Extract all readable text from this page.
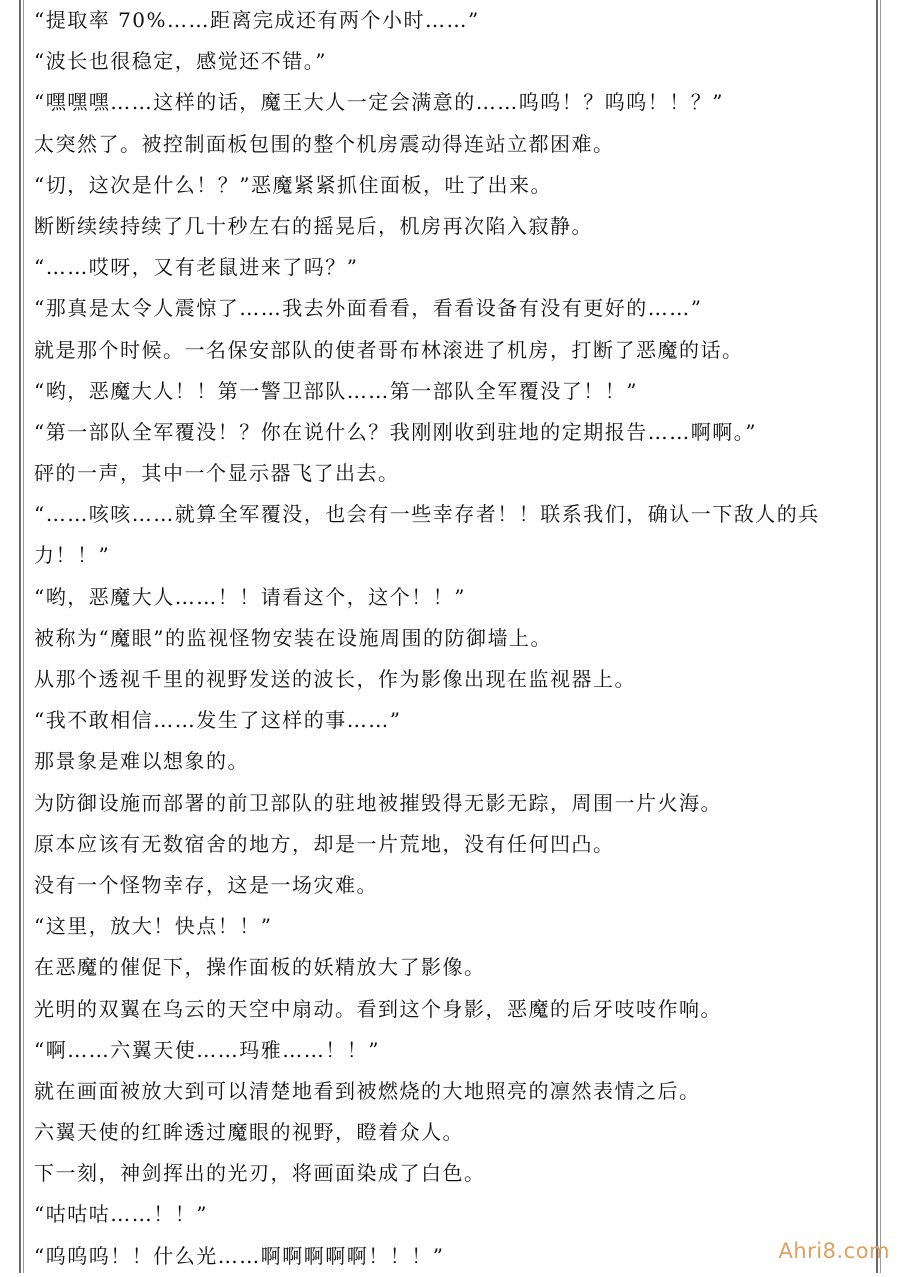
“提取率 70%……距离完成还有两个小时……”
“波长也很稳定，感觉还不错。”
“嘿嘿嘿……这样的话，魔王大人一定会满意的……呜呜！？呜呜！！？”
太突然了。被控制面板包围的整个机房震动得连站立都困难。
“切，这次是什么！？”恶魔紧紧抓住面板，吐了出来。
断断续续持续了几十秒左右的摇晃后，机房再次陷入寂静。
“……哎呀，又有老鼠进来了吗？”
“那真是太令人震惊了……我去外面看看，看看设备有没有更好的……”
就是那个时候。一名保安部队的使者哥布林滚进了机房，打断了恶魔的话。
“哟，恶魔大人！！第一警卫部队……第一部队全军覆没了！！”
“第一部队全军覆没！？你在说什么？我刚刚收到驻地的定期报告……啊啊。”
砰的一声，其中一个显示器飞了出去。
“……咳咳……就算全军覆没，也会有一些幸存者！！联系我们，确认一下敌人的兵
力！！”
“哟，恶魔大人……！！请看这个，这个！！”
被称为“魔眼”的监视怪物安装在设施周围的防御墙上。
从那个透视千里的视野发送的波长，作为影像出现在监视器上。
“我不敢相信……发生了这样的事……”
那景象是难以想象的。
为防御设施而部署的前卫部队的驻地被摧毁得无影无踪，周围一片火海。
原本应该有无数宿舍的地方，却是一片荒地，没有任何凹凸。
没有一个怪物幸存，这是一场灾难。
“这里，放大！快点！！”
在恶魔的催促下，操作面板的妖精放大了影像。
光明的双翼在乌云的天空中扇动。看到这个身影，恶魔的后牙吱吱作响。
“啊……六翼天使……玛雅……！！”
就在画面被放大到可以清楚地看到被燃烧的大地照亮的凛然表情之后。
六翼天使的红眸透过魔眼的视野，瞪着众人。
下一刻，神剑挥出的光刃，将画面染成了白色。
“咕咕咕……！！”
“呜呜呜！！什么光……啊啊啊啊啊！！！”	Ahri8.com
